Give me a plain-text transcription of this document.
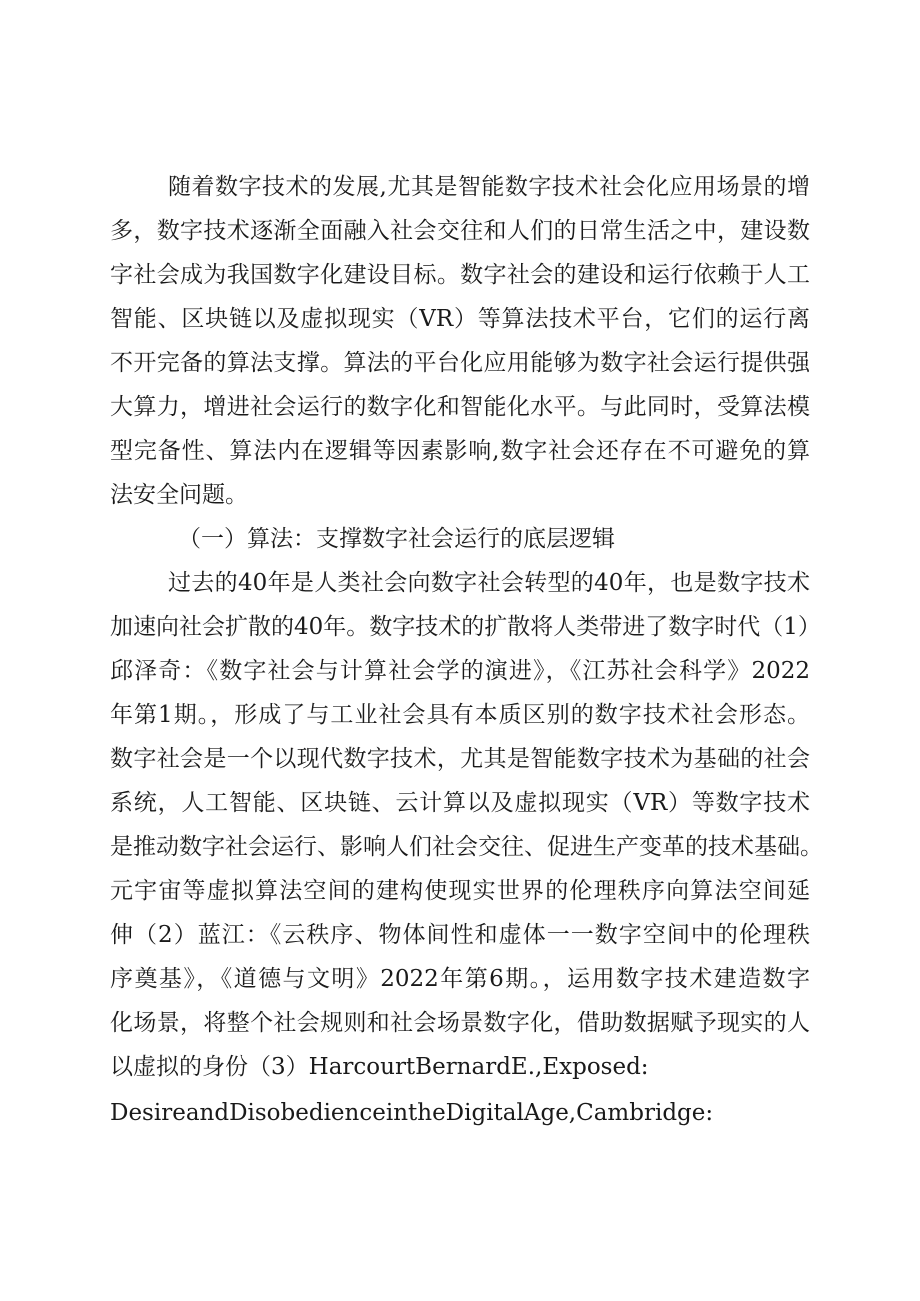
随着数字技术的发展,尤其是智能数字技术社会化应用场景的增
多，数字技术逐渐全面融入社会交往和人们的日常生活之中，建设数
字社会成为我国数字化建设目标。数字社会的建设和运行依赖于人工
智能、区块链以及虚拟现实（VR）等算法技术平台，它们的运行离
不开完备的算法支撑。算法的平台化应用能够为数字社会运行提供强
大算力，增进社会运行的数字化和智能化水平。与此同时，受算法模
型完备性、算法内在逻辑等因素影响,数字社会还存在不可避免的算
法安全问题。
（一）算法：支撑数字社会运行的底层逻辑
过去的40年是人类社会向数字社会转型的40年，也是数字技术
加速向社会扩散的40年。数字技术的扩散将人类带进了数字时代（1）
邱泽奇：《数字社会与计算社会学的演进》，《江苏社会科学》2022
年第1期。，形成了与工业社会具有本质区别的数字技术社会形态。
数字社会是一个以现代数字技术，尤其是智能数字技术为基础的社会
系统，人工智能、区块链、云计算以及虚拟现实（VR）等数字技术
是推动数字社会运行、影响人们社会交往、促进生产变革的技术基础。
元宇宙等虚拟算法空间的建构使现实世界的伦理秩序向算法空间延
伸（2）蓝江：《云秩序、物体间性和虚体一一数字空间中的伦理秩
序奠基》，《道德与文明》2022年第6期。，运用数字技术建造数字
化场景，将整个社会规则和社会场景数字化，借助数据赋予现实的人
以虚拟的身份（3）HarcourtBernardE.,Exposed:
DesireandDisobedienceintheDigitalAge,Cambridge:
